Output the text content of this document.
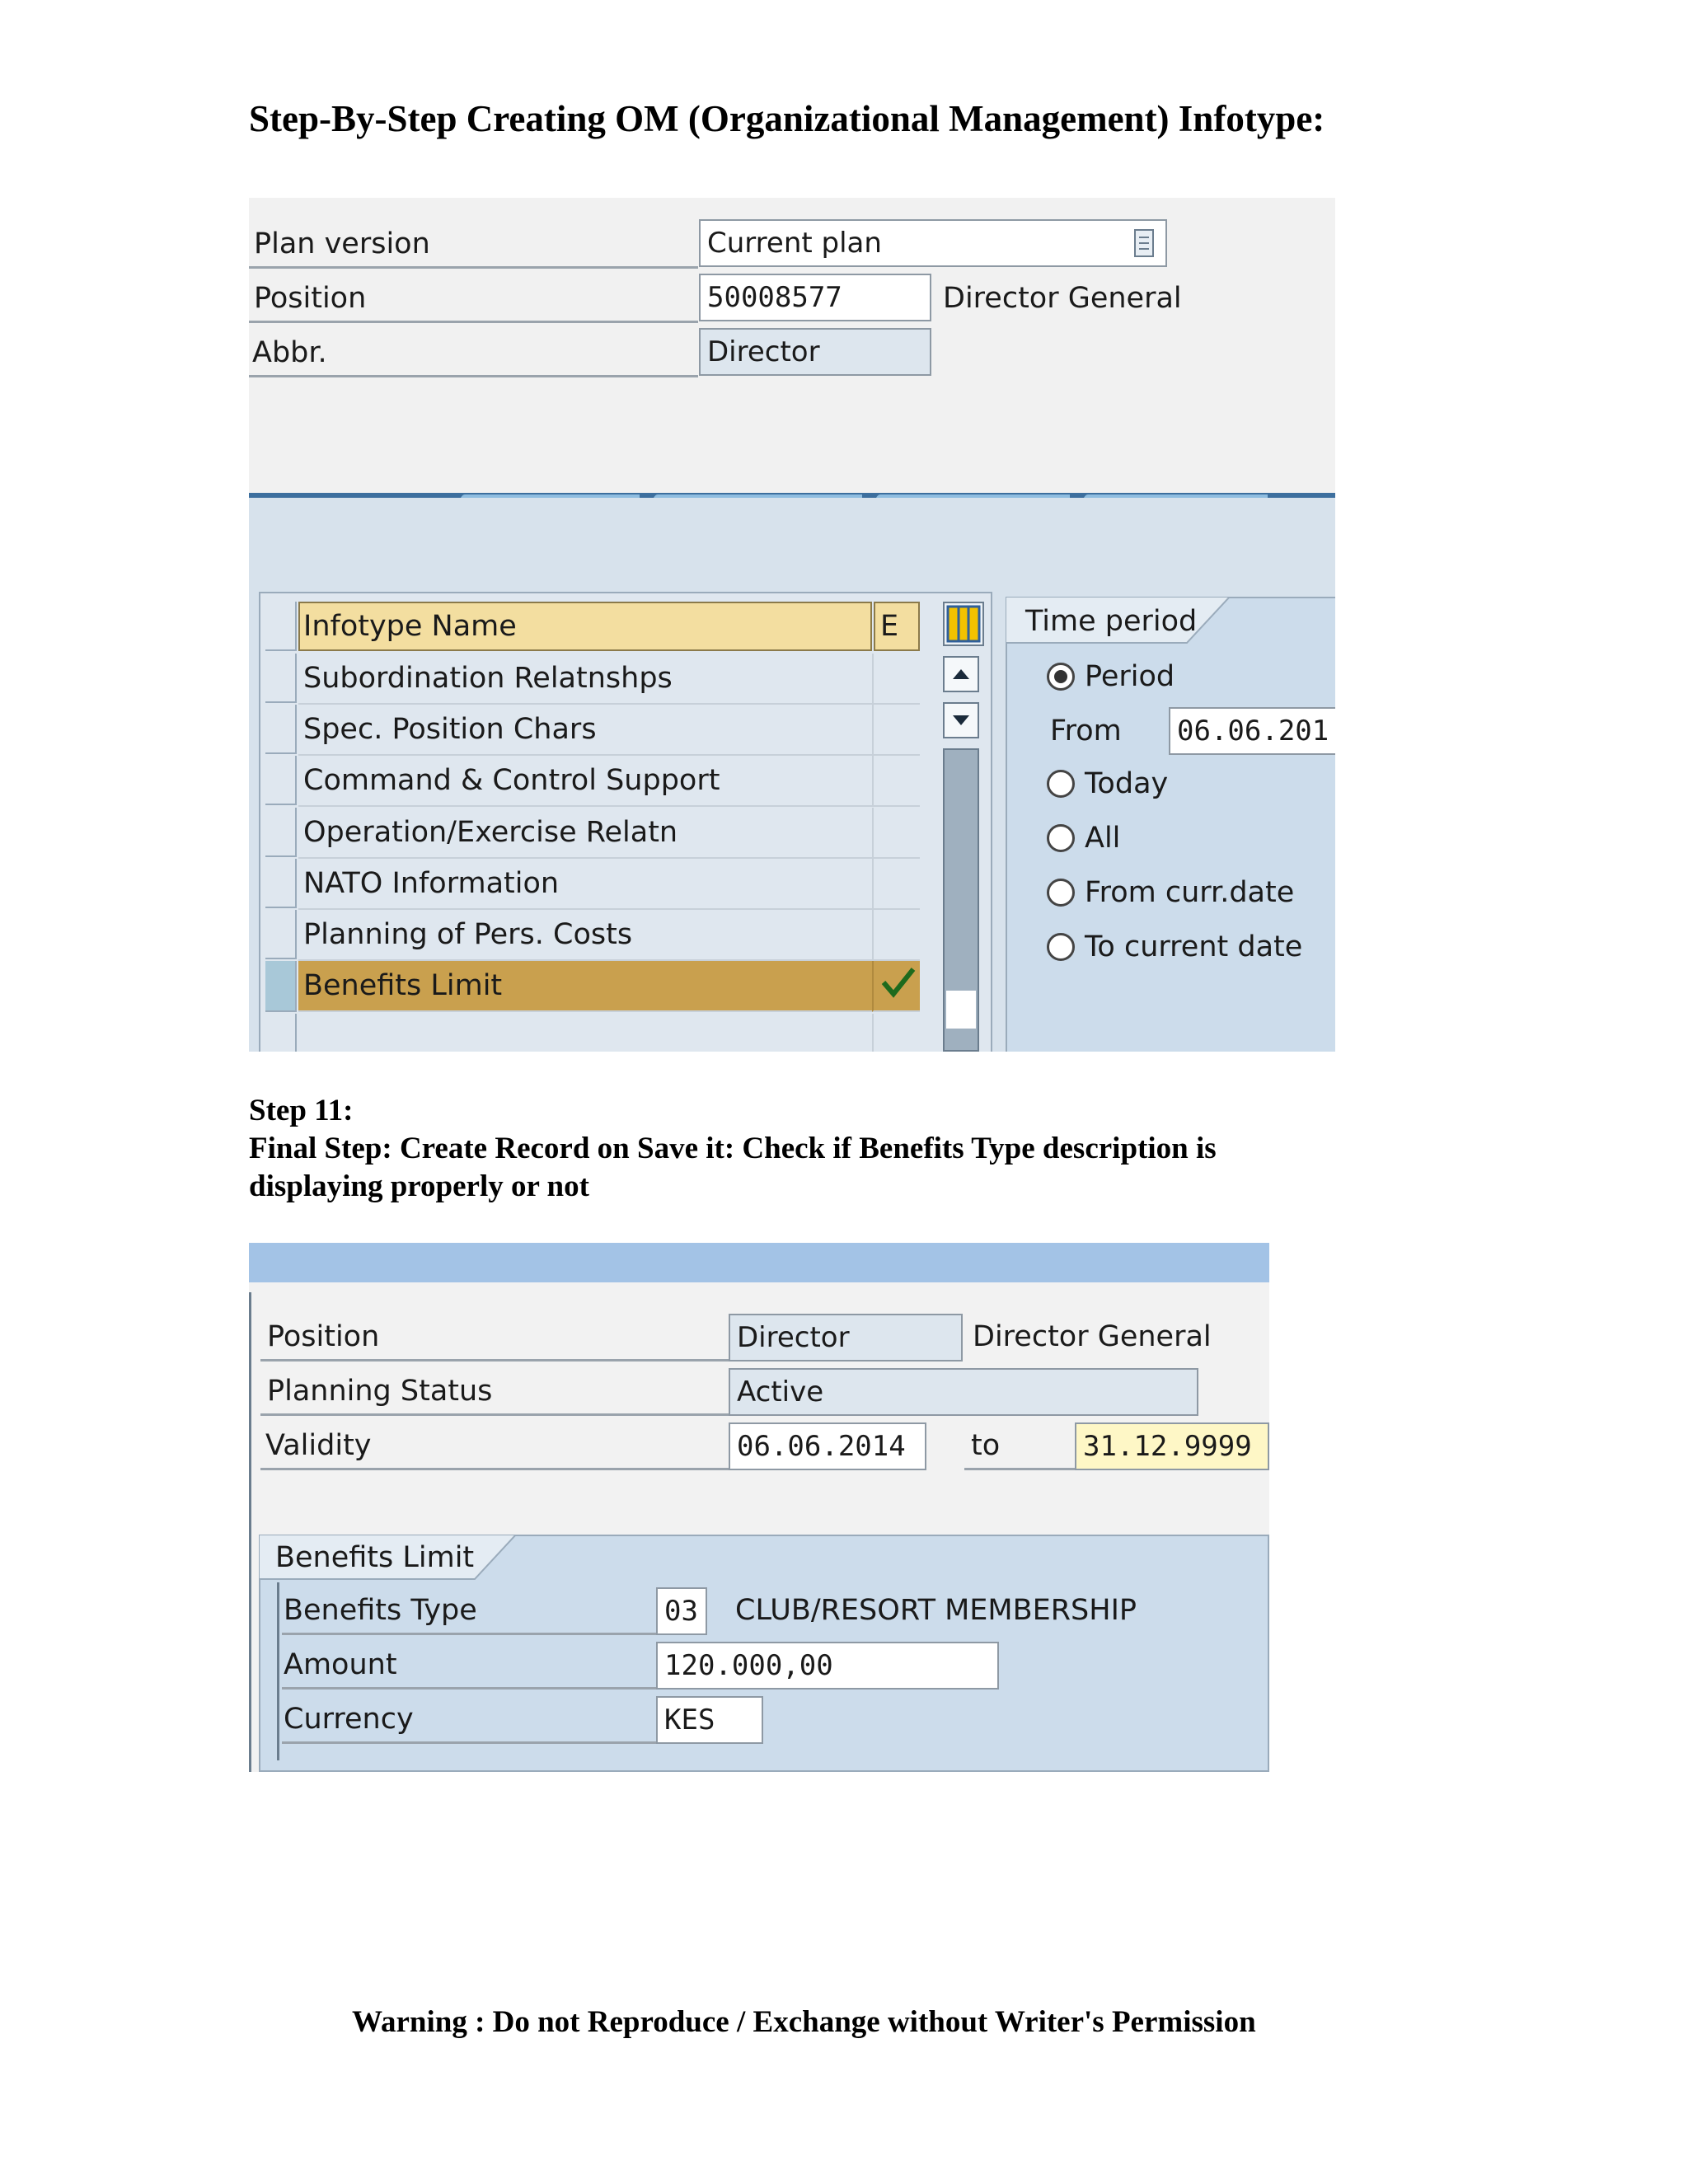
Step-By-Step Creating OM (Organizational Management) Infotype:
Plan version	Current plan
Position	50008577	Director General
Abbr.	Director
Infotype Name	E
Subordination Relatnshps
Spec. Position Chars
Command & Control Support
Operation/Exercise Relatn
NATO Information
Planning of Pers. Costs
Benefits Limit
Time period
Period
From 06.06.201
Today
All
From curr.date
To current date
Step 11:
Final Step: Create Record on Save it: Check if Benefits Type description is
displaying properly or not
Position	Director	Director General
Planning Status	Active
Validity	06.06.2014	to	31.12.9999
Benefits Limit
Benefits Type	03	CLUB/RESORT MEMBERSHIP
Amount	120.000,00
Currency	KES
Warning : Do not Reproduce / Exchange without Writer's Permission
